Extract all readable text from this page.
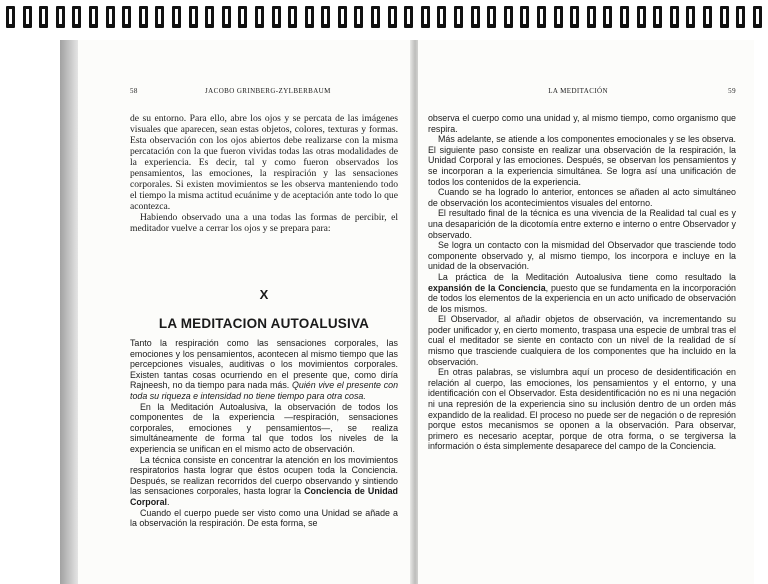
58	JACOBO GRINBERG-ZYLBERBAUM

de su entorno. Para ello, abre los ojos y se percata de las imágenes visuales que aparecen, sean estas objetos, colores, texturas y formas. Esta observación con los ojos abiertos debe realizarse con la misma percatación con la que fueron vividas todas las otras modalidades de la experiencia. Es decir, tal y como fueron observados los pensamientos, las emociones, la respiración y las sensaciones corporales. Si existen movimientos se les observa manteniendo todo el tiempo la misma actitud ecuánime y de aceptación ante todo lo que acontezca.

Habiendo observado una a una todas las formas de percibir, el meditador vuelve a cerrar los ojos y se prepara para:

X
LA MEDITACION AUTOALUSIVA

Tanto la respiración como las sensaciones corporales, las emociones y los pensamientos, acontecen al mismo tiempo que las percepciones visuales, auditivas o los movimientos corporales. Existen tantas cosas ocurriendo en el presente que, como diría Rajneesh, no da tiempo para nada más. Quién vive el presente con toda su riqueza e intensidad no tiene tiempo para otra cosa.

En la Meditación Autoalusiva, la observación de todos los componentes de la experiencia —respiración, sensaciones corporales, emociones y pensamientos—, se realiza simultáneamente de forma tal que todos los niveles de la experiencia se unifican en el mismo acto de observación.

La técnica consiste en concentrar la atención en los movimientos respiratorios hasta lograr que éstos ocupen toda la Conciencia. Después, se realizan recorridos del cuerpo observando y sintiendo las sensaciones corporales, hasta lograr la Conciencia de Unidad Corporal.

Cuando el cuerpo puede ser visto como una Unidad se añade a la observación la respiración. De esta forma, se

LA MEDITACIÓN	59

observa el cuerpo como una unidad y, al mismo tiempo, como organismo que respira.

Más adelante, se atiende a los componentes emocionales y se les observa. El siguiente paso consiste en realizar una observación de la respiración, la Unidad Corporal y las emociones. Después, se observan los pensamientos y se incorporan a la experiencia simultánea. Se logra así una unificación de todos los contenidos de la experiencia.

Cuando se ha logrado lo anterior, entonces se añaden al acto simultáneo de observación los acontecimientos visuales del entorno.

El resultado final de la técnica es una vivencia de la Realidad tal cual es y una desaparición de la dicotomía entre externo e interno o entre Observador y observado.

Se logra un contacto con la mismidad del Observador que trasciende todo componente observado y, al mismo tiempo, los incorpora e incluye en la unidad de la observación.

La práctica de la Meditación Autoalusiva tiene como resultado la expansión de la Conciencia, puesto que se fundamenta en la incorporación de todos los elementos de la experiencia en un acto unificado de observación de los mismos.

El Observador, al añadir objetos de observación, va incrementando su poder unificador y, en cierto momento, traspasa una especie de umbral tras el cual el meditador se siente en contacto con un nivel de la realidad de sí mismo que trasciende cualquiera de los componentes que ha incluido en la observación.

En otras palabras, se vislumbra aquí un proceso de desidentificación en relación al cuerpo, las emociones, los pensamientos y el entorno, y una identificación con el Observador. Esta desidentificación no es ni una negación ni una represión de la experiencia sino su inclusión dentro de un orden más expandido de la realidad. El proceso no puede ser de negación o de represión porque estos mecanismos se oponen a la observación. Para observar, primero es necesario aceptar, porque de otra forma, o se tergiversa la información o ésta simplemente desaparece del campo de la Conciencia.
